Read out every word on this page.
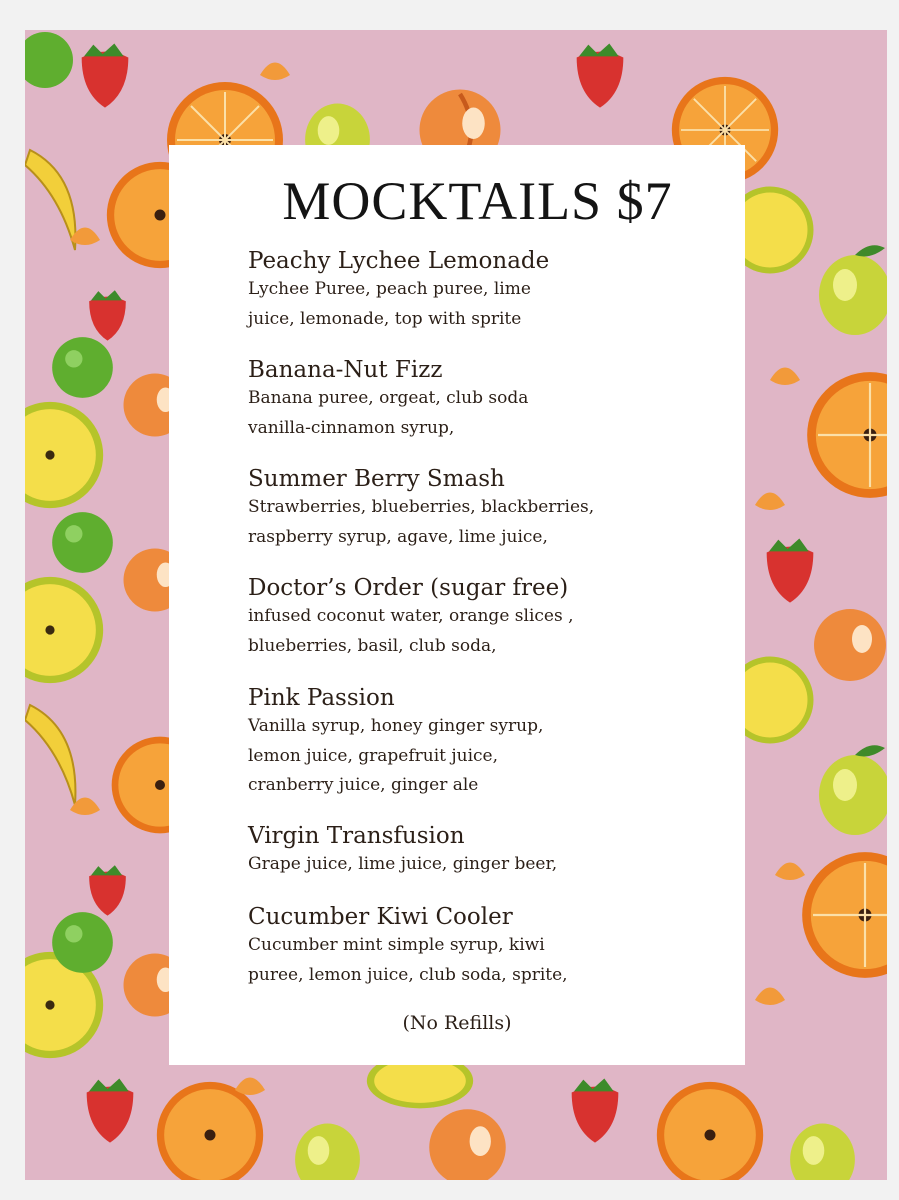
MOCKTAILS $7
Peachy Lychee Lemonade
Lychee Puree, peach puree, lime
juice, lemonade, top with sprite
Banana-Nut Fizz
Banana puree, orgeat, club soda
vanilla-cinnamon syrup,
Summer Berry Smash
Strawberries, blueberries, blackberries,
raspberry syrup, agave, lime juice,
Doctor’s Order (sugar free)
infused coconut water, orange slices ,
blueberries, basil, club soda,
Pink Passion
Vanilla syrup, honey ginger syrup,
lemon juice, grapefruit juice,
cranberry juice, ginger ale
Virgin Transfusion
Grape juice, lime juice, ginger beer,
Cucumber Kiwi Cooler
Cucumber mint simple syrup, kiwi
puree, lemon juice, club soda, sprite,
(No Refills)
